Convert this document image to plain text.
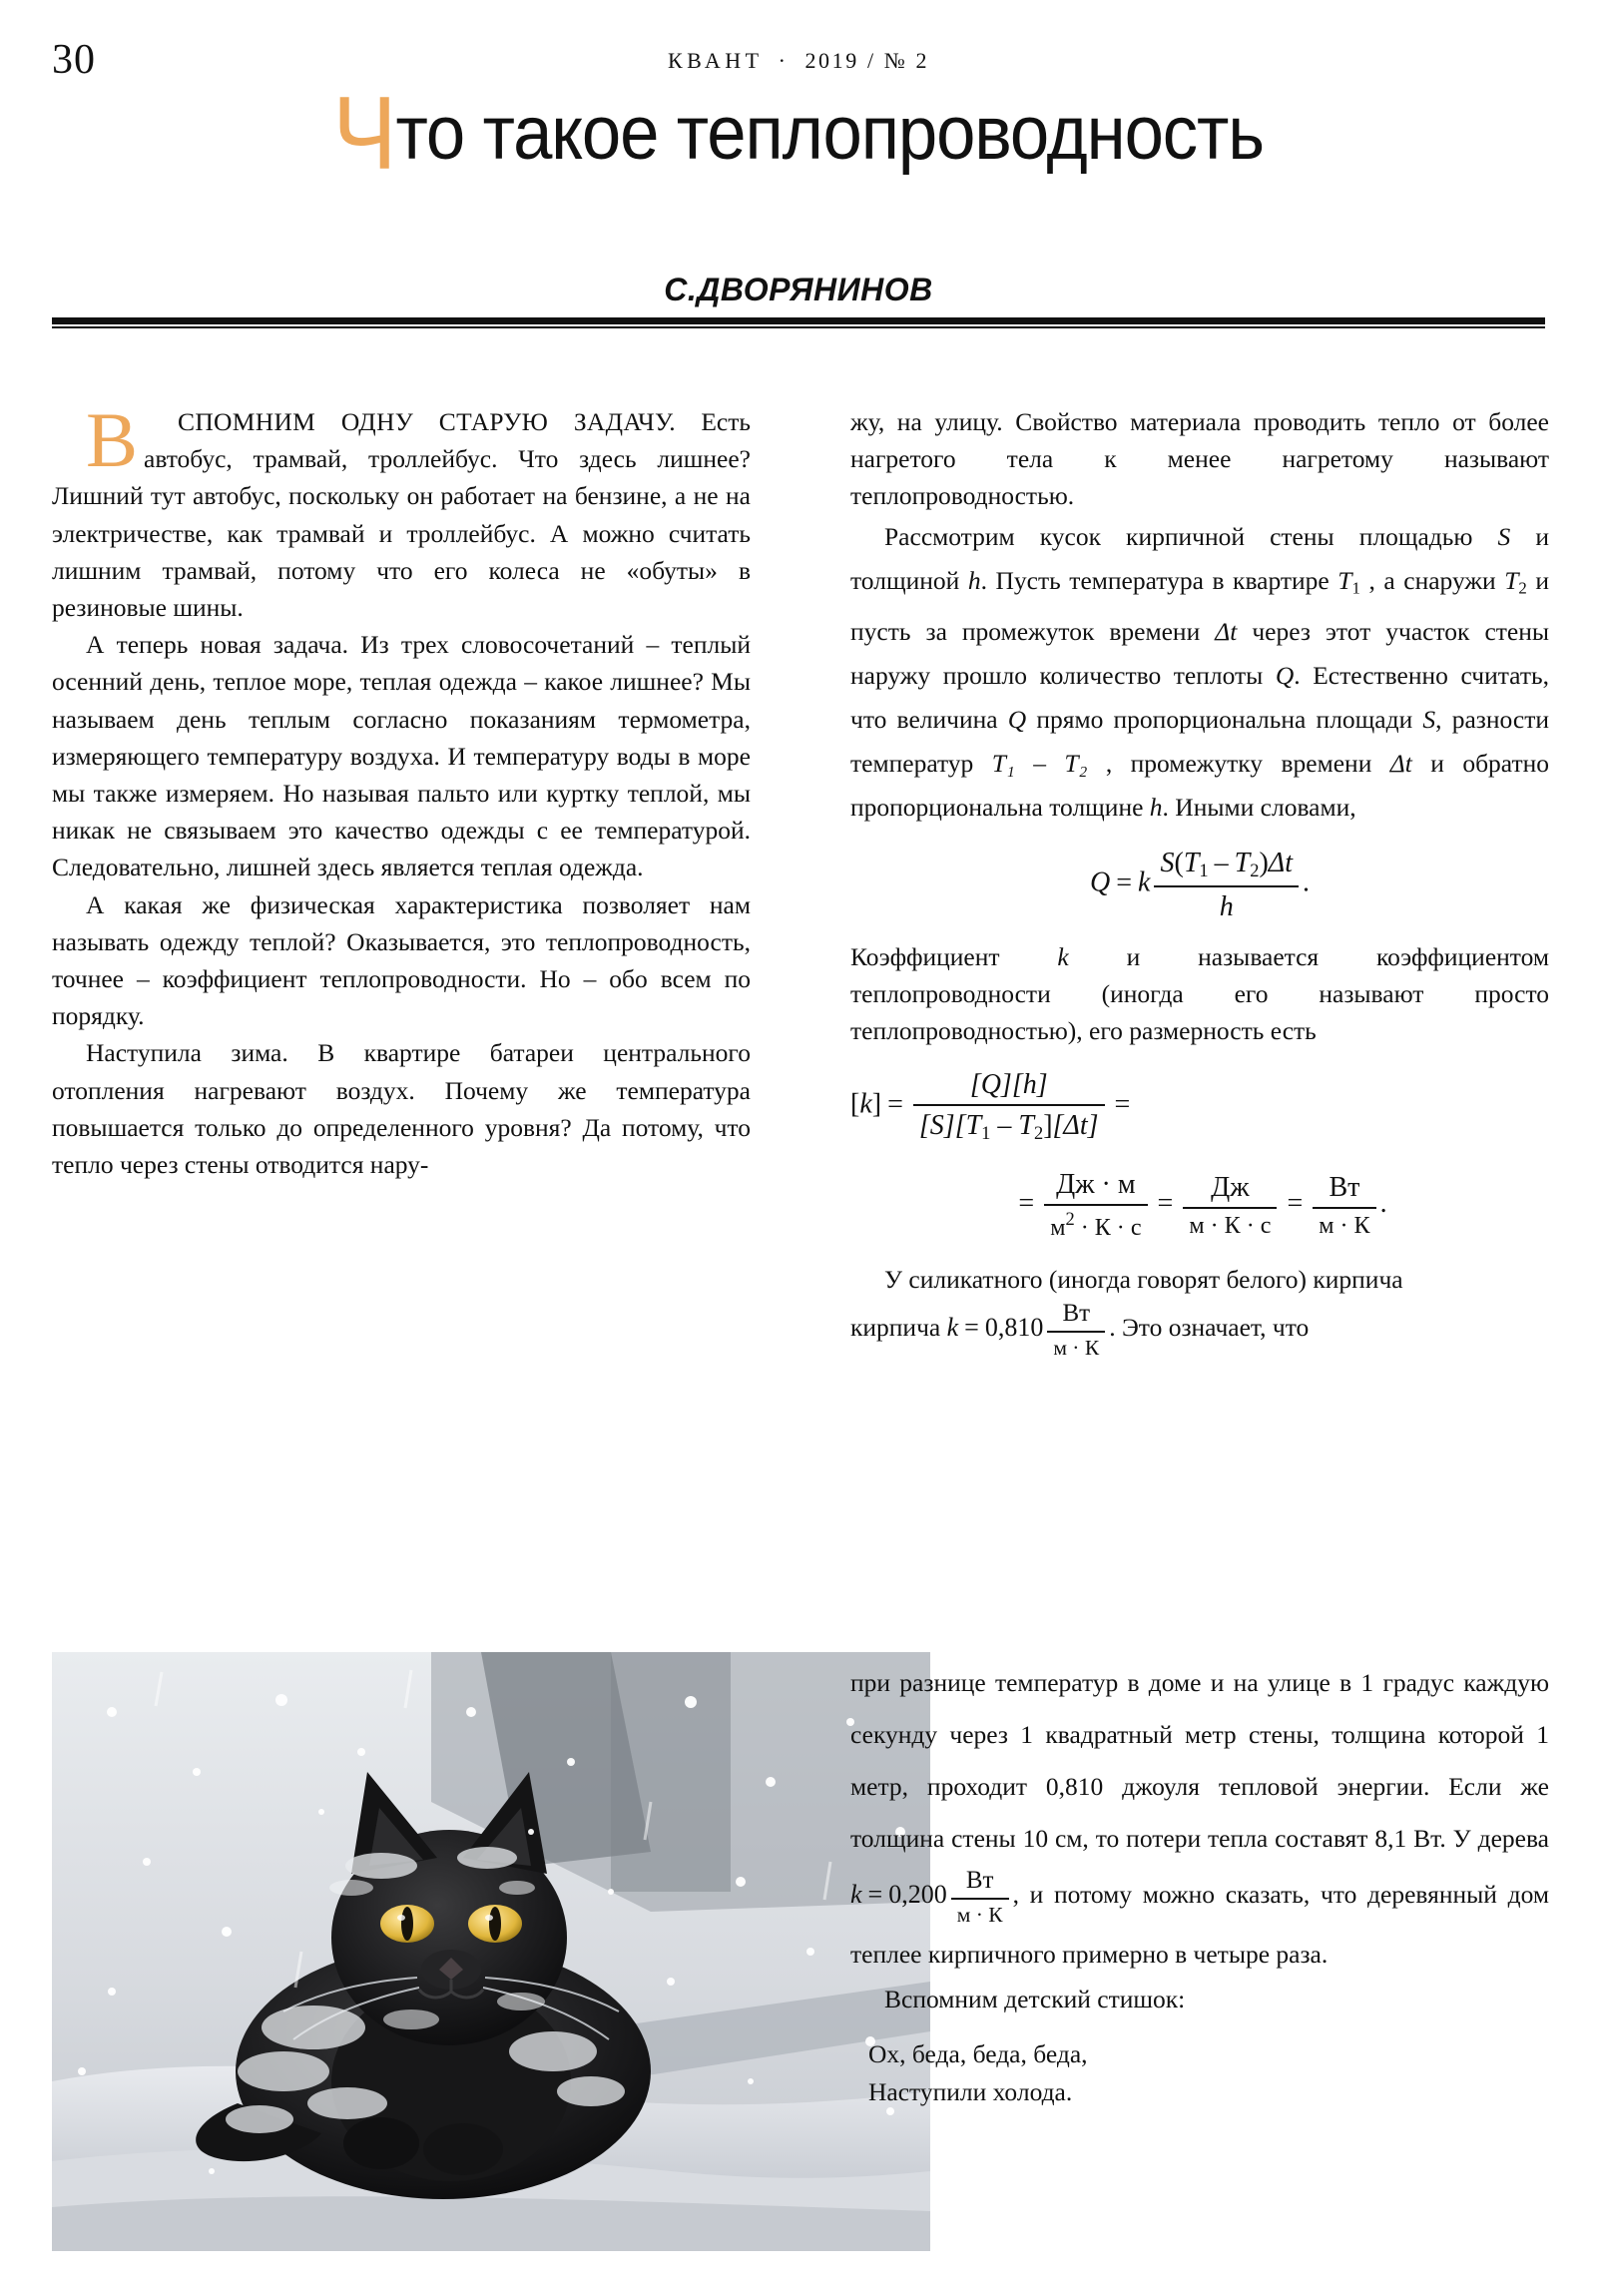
30	КВАНТ · 2019 / № 2
Что такое теплопроводность
С.ДВОРЯНИНОВ

В СПОМНИМ ОДНУ СТАРУЮ ЗАДАЧУ. Есть автобус, трамвай, троллейбус. Что здесь лишнее? Лишний тут автобус, поскольку он работает на бензине, а не на электричестве, как трамвай и троллейбус. А можно считать лишним трамвай, потому что его колеса не «обуты» в резиновые шины.

А теперь новая задача. Из трех словосочетаний – теплый осенний день, теплое море, теплая одежда – какое лишнее? Мы называем день теплым согласно показаниям термометра, измеряющего температуру воздуха. И температуру воды в море мы также измеряем. Но называя пальто или куртку теплой, мы никак не связываем это качество одежды с ее температурой. Следовательно, лишней здесь является теплая одежда.

А какая же физическая характеристика позволяет нам называть одежду теплой? Оказывается, это теплопроводность, точнее – коэффициент теплопроводности. Но – обо всем по порядку.

Наступила зима. В квартире батареи центрального отопления нагревают воздух. Почему же температура повышается только до определенного уровня? Да потому, что тепло через стены отводится нару-

жу, на улицу. Свойство материала проводить тепло от более нагретого тела к менее нагретому называют теплопроводностью.

Рассмотрим кусок кирпичной стены площадью S и толщиной h. Пусть температура в квартире $T_1$ , а снаружи $T_2$ и пусть за промежуток времени Δt через этот участок стены наружу прошло количество теплоты Q. Естественно считать, что величина Q прямо пропорциональна площади S, разности температур T₁ – T₂ , промежутку времени Δt и обратно пропорциональна толщине h. Иными словами,

Q = k $\frac{S(T_1 - T_2)\Delta t}{h}$ .

Коэффициент k и называется коэффициентом теплопроводности (иногда его называют просто теплопроводностью), его размерность есть

$[k] = \frac{[Q][h]}{[S][T_1 - T_2][\Delta t]}$ =
= $\frac{Дж \cdot м}{м^2 \cdot К \cdot с} = \frac{Дж}{м \cdot К \cdot с} = \frac{Вт}{м \cdot К}$ .

У силикатного (иногда говорят белого) кирпича

кирпича $k = 0,810 \frac{Вт}{м \cdot К}$ . Это означает, что

при разнице температур в доме и на улице в 1 градус каждую секунду через 1 квадратный метр стены, толщина которой 1 метр, проходит 0,810 джоуля тепловой энергии. Если же толщина стены 10 см, то потери тепла составят 8,1 Вт. У дерева $k = 0,200 \frac{Вт}{м \cdot К}$ , и потому можно сказать, что деревянный дом теплее кирпичного примерно в четыре раза.

Вспомним детский стишок:

Ох, беда, беда, беда,
Наступили холода.
